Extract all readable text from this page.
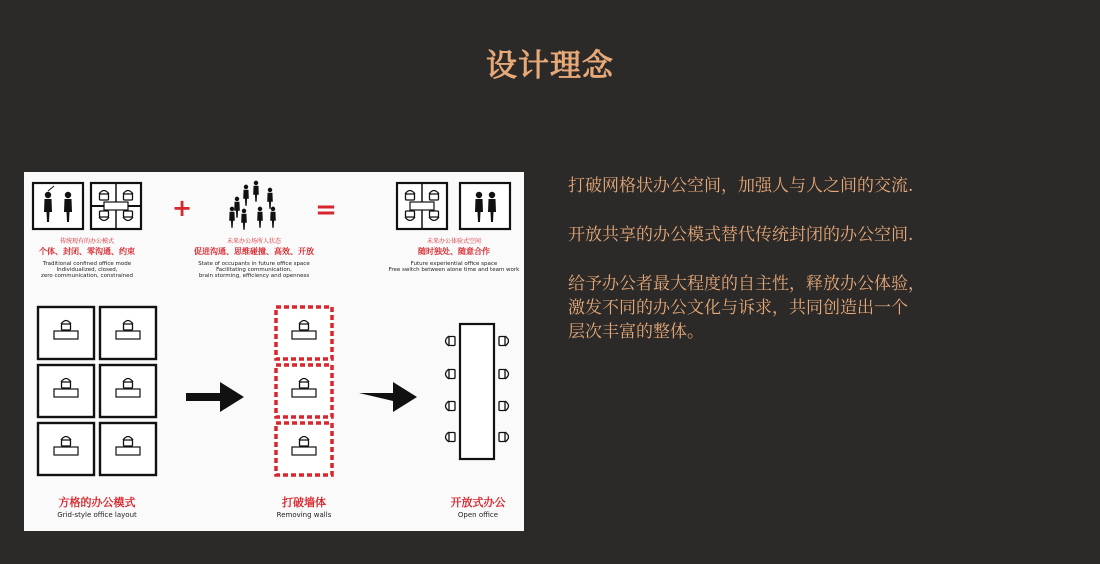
设计理念
+	=
传统现有的办公模式
个体、封闭、零沟通、约束
Traditional confined office mode
Individualized, closed,
zero communication, constrained
未来办公场所人状态
促进沟通、思维碰撞、高效、开放
State of occupants in future office space
Facilitating communication,
brain storming, efficiency and openness
未来办公体验式空间
随时独处、随意合作
Future experiential office space
Free switch between alone time and team work
方格的办公模式
Grid-style office layout
打破墙体
Removing walls
开放式办公
Open office

打破网格状办公空间，加强人与人之间的交流.

开放共享的办公模式替代传统封闭的办公空间.

给予办公者最大程度的自主性，释放办公体验，
激发不同的办公文化与诉求，共同创造出一个
层次丰富的整体。
